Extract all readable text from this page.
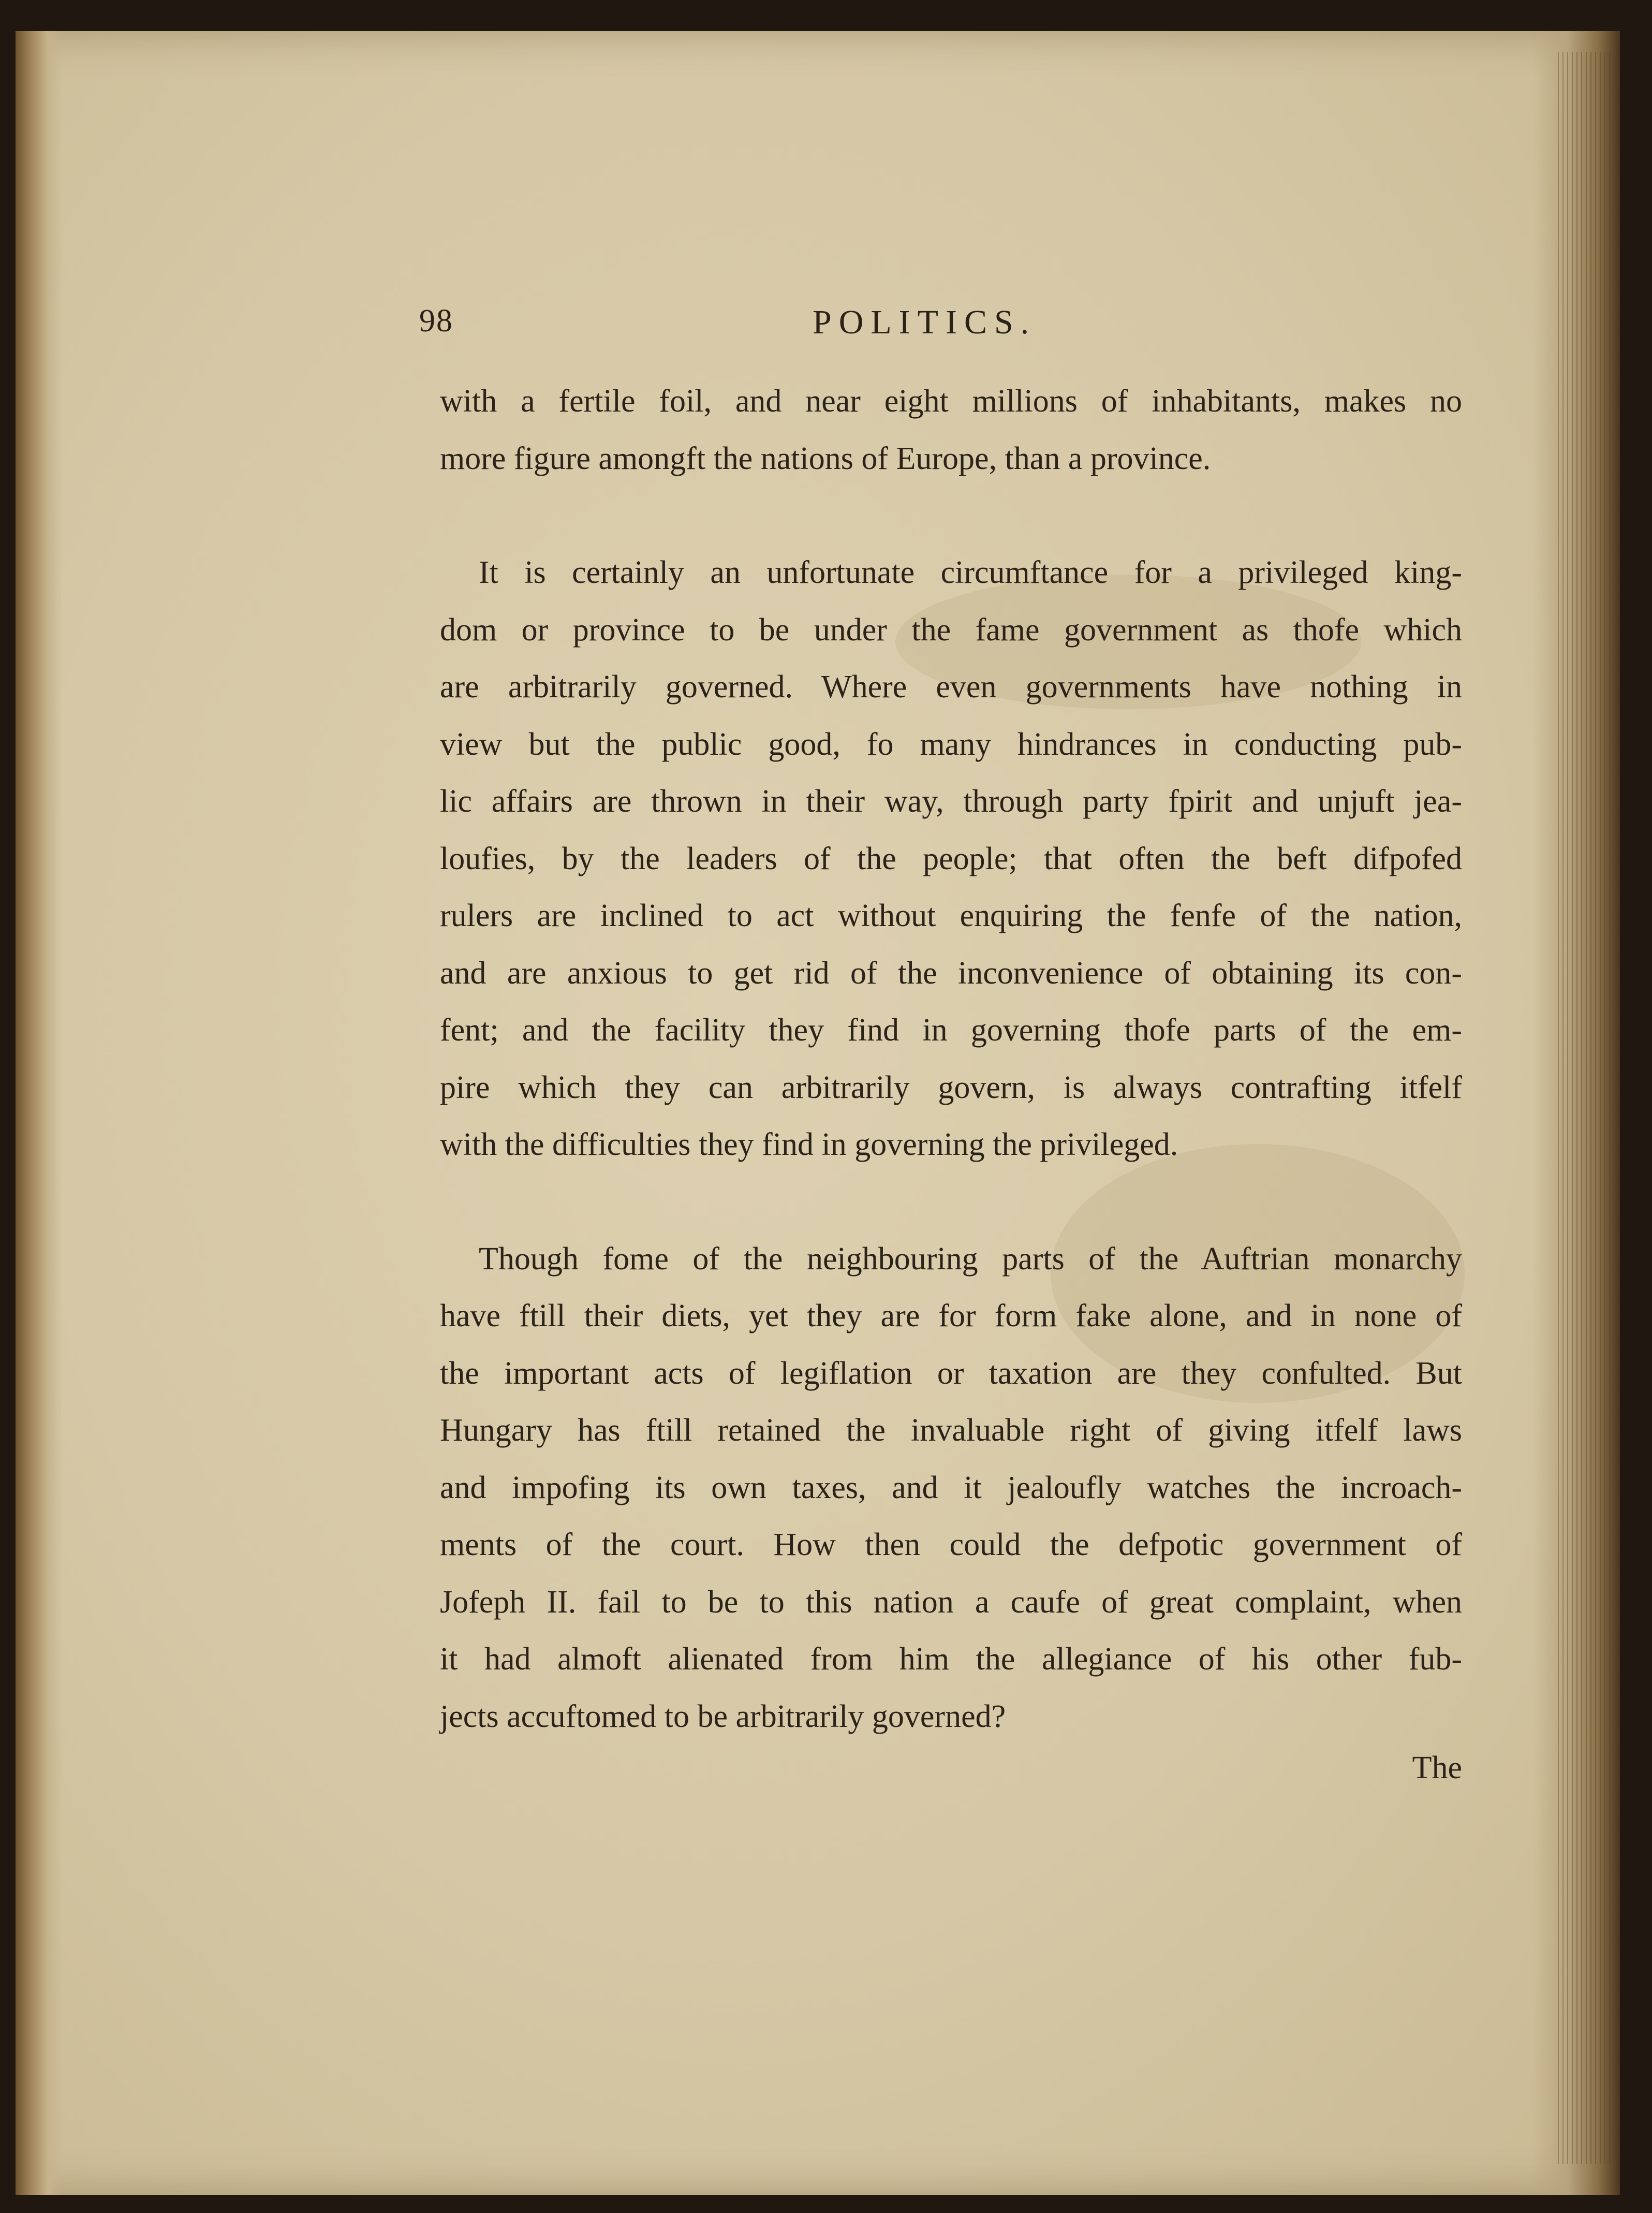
98	POLITICS.
with a fertile foil, and near eight millions of inhabitants, makes no
more figure amongft the nations of Europe, than a province.
It is certainly an unfortunate circumftance for a privileged king-
dom or province to be under the fame government as thofe which
are arbitrarily governed. Where even governments have nothing in
view but the public good, fo many hindrances in conducting pub-
lic affairs are thrown in their way, through party fpirit and unjuft jea-
loufies, by the leaders of the people; that often the beft difpofed
rulers are inclined to act without enquiring the fenfe of the nation,
and are anxious to get rid of the inconvenience of obtaining its con-
fent; and the facility they find in governing thofe parts of the em-
pire which they can arbitrarily govern, is always contrafting itfelf
with the difficulties they find in governing the privileged.
Though fome of the neighbouring parts of the Auftrian monarchy
have ftill their diets, yet they are for form fake alone, and in none of
the important acts of legiflation or taxation are they confulted. But
Hungary has ftill retained the invaluable right of giving itfelf laws
and impofing its own taxes, and it jealoufly watches the incroach-
ments of the court. How then could the defpotic government of
Jofeph II. fail to be to this nation a caufe of great complaint, when
it had almoft alienated from him the allegiance of his other fub-
jects accuftomed to be arbitrarily governed?
The
